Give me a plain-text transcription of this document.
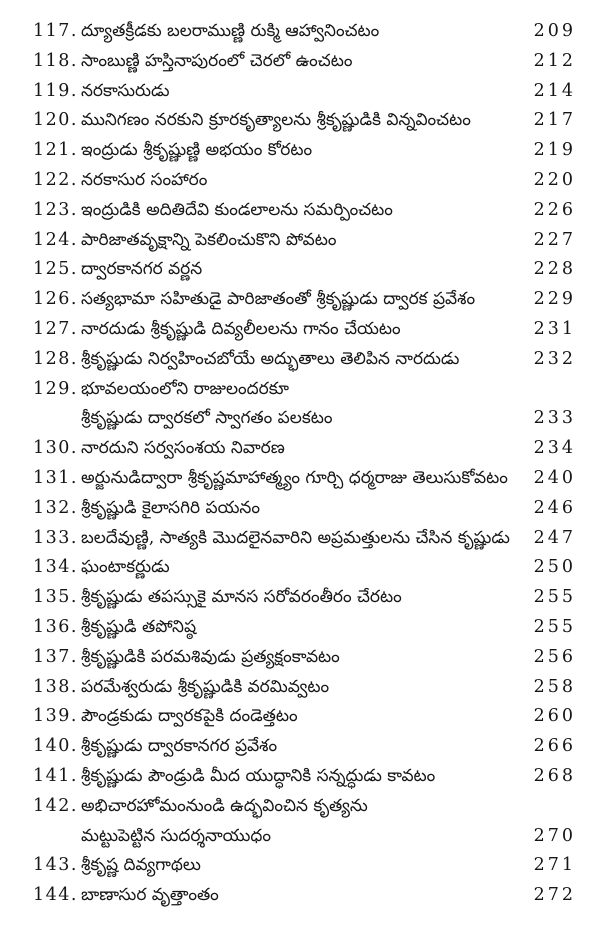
117. ద్యూతక్రీడకు బలరాముణ్ణి రుక్మి ఆహ్వానించటం	209
118. సాంబుణ్ణి హస్తినాపురంలో చెరలో ఉంచటం	212
119. నరకాసురుడు	214
120. మునిగణం నరకుని క్రూరకృత్యాలను శ్రీకృష్ణుడికి విన్నవించటం	217
121. ఇంద్రుడు శ్రీకృష్ణుణ్ణి అభయం కోరటం	219
122. నరకాసుర సంహారం	220
123. ఇంద్రుడికి అదితిదేవి కుండలాలను సమర్పించటం	226
124. పారిజాతవృక్షాన్ని పెకలించుకొని పోవటం	227
125. ద్వారకానగర వర్ణన	228
126. సత్యభామా సహితుడై పారిజాతంతో శ్రీకృష్ణుడు ద్వారక ప్రవేశం	229
127. నారదుడు శ్రీకృష్ణుడి దివ్యలీలలను గానం చేయటం	231
128. శ్రీకృష్ణుడు నిర్వహించబోయే అద్భుతాలు తెలిపిన నారదుడు	232
129. భూవలయంలోని రాజులందరకూ
శ్రీకృష్ణుడు ద్వారకలో స్వాగతం పలకటం	233
130. నారదుని సర్వసంశయ నివారణ	234
131. అర్జునుడిద్వారా శ్రీకృష్ణమాహాత్మ్యం గూర్చి ధర్మరాజు తెలుసుకోవటం	240
132. శ్రీకృష్ణుడి కైలాసగిరి పయనం	246
133. బలదేవుణ్ణి, సాత్యకి మొదలైనవారిని అప్రమత్తులను చేసిన కృష్ణుడు	247
134. ఘంటాకర్ణుడు	250
135. శ్రీకృష్ణుడు తపస్సుకై మానస సరోవరంతీరం చేరటం	255
136. శ్రీకృష్ణుడి తపోనిష్ఠ	255
137. శ్రీకృష్ణుడికి పరమశివుడు ప్రత్యక్షంకావటం	256
138. పరమేశ్వరుడు శ్రీకృష్ణుడికి వరమివ్వటం	258
139. పౌండ్రకుడు ద్వారకపైకి దండెత్తటం	260
140. శ్రీకృష్ణుడు ద్వారకానగర ప్రవేశం	266
141. శ్రీకృష్ణుడు పౌండ్రుడి మీద యుద్ధానికి సన్నద్ధుడు కావటం	268
142. అభిచారహోమంనుండి ఉద్భవించిన కృత్యను
మట్టుపెట్టిన సుదర్శనాయుధం	270
143. శ్రీకృష్ణ దివ్యగాథలు	271
144. బాణాసుర వృత్తాంతం	272
